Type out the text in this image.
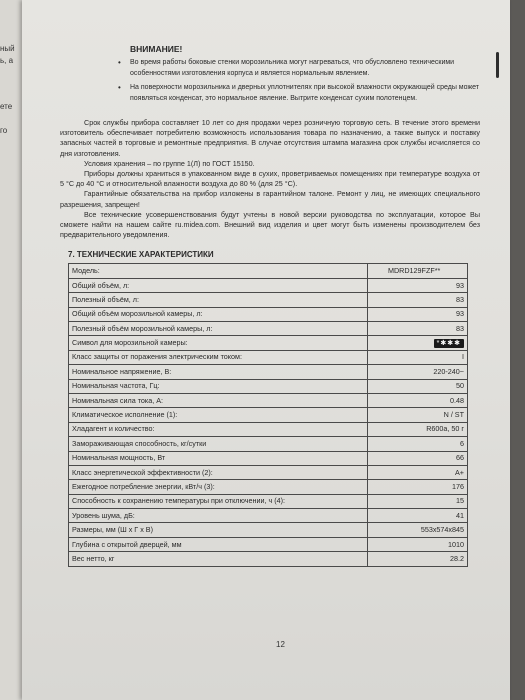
ный
ь, а
ете
го
ВНИМАНИЕ!
• Во время работы боковые стенки морозильника могут нагреваться, что обусловлено техническими особенностями изготовления корпуса и является нормальным явлением.
• На поверхности морозильника и дверных уплотнителях при высокой влажности окружающей среды может появляться конденсат, это нормальное явление. Вытрите конденсат сухим полотенцем.

Срок службы прибора составляет 10 лет со дня продажи через розничную торговую сеть. В течение этого времени изготовитель обеспечивает потребителю возможность использования товара по назначению, а также выпуск и поставку запасных частей в торговые и ремонтные предприятия. В случае отсутствия штампа магазина срок службы исчисляется со дня изготовления.

Условия хранения – по группе 1(Л) по ГОСТ 15150.

Приборы должны храниться в упакованном виде в сухих, проветриваемых помещениях при температуре воздуха от 5 °С до 40 °С и относительной влажности воздуха до 80 % (для 25 °С).

Гарантийные обязательства на прибор изложены в гарантийном талоне. Ремонт у лиц, не имеющих специального разрешения, запрещен!

Все технические усовершенствования будут учтены в новой версии руководства по эксплуатации, которое Вы сможете найти на нашем сайте ru.midea.com. Внешний вид изделия и цвет могут быть изменены производителем без предварительного уведомления.

7. ТЕХНИЧЕСКИЕ ХАРАКТЕРИСТИКИ
Модель:	MDRD129FZF**
Общий объём, л:	93
Полезный объём, л:	83
Общий объём морозильной камеры, л:	93
Полезный объём морозильной камеры, л:	83
Символ для морозильной камеры:	*✱✱✱
Класс защиты от поражения электрическим током:	I
Номинальное напряжение, В:	220-240~
Номинальная частота, Гц:	50
Номинальная сила тока, А:	0.48
Климатическое исполнение (1):	N / ST
Хладагент и количество:	R600a, 50 г
Замораживающая способность, кг/сутки	6
Номинальная мощность, Вт	66
Класс энергетической эффективности (2):	A+
Ежегодное потребление энергии, кВт/ч (3):	176
Способность к сохранению температуры при отключении, ч (4):	15
Уровень шума, дБ:	41
Размеры, мм (Ш х Г х В)	553x574x845
Глубина с открытой дверцей, мм	1010
Вес нетто, кг	28.2
12
